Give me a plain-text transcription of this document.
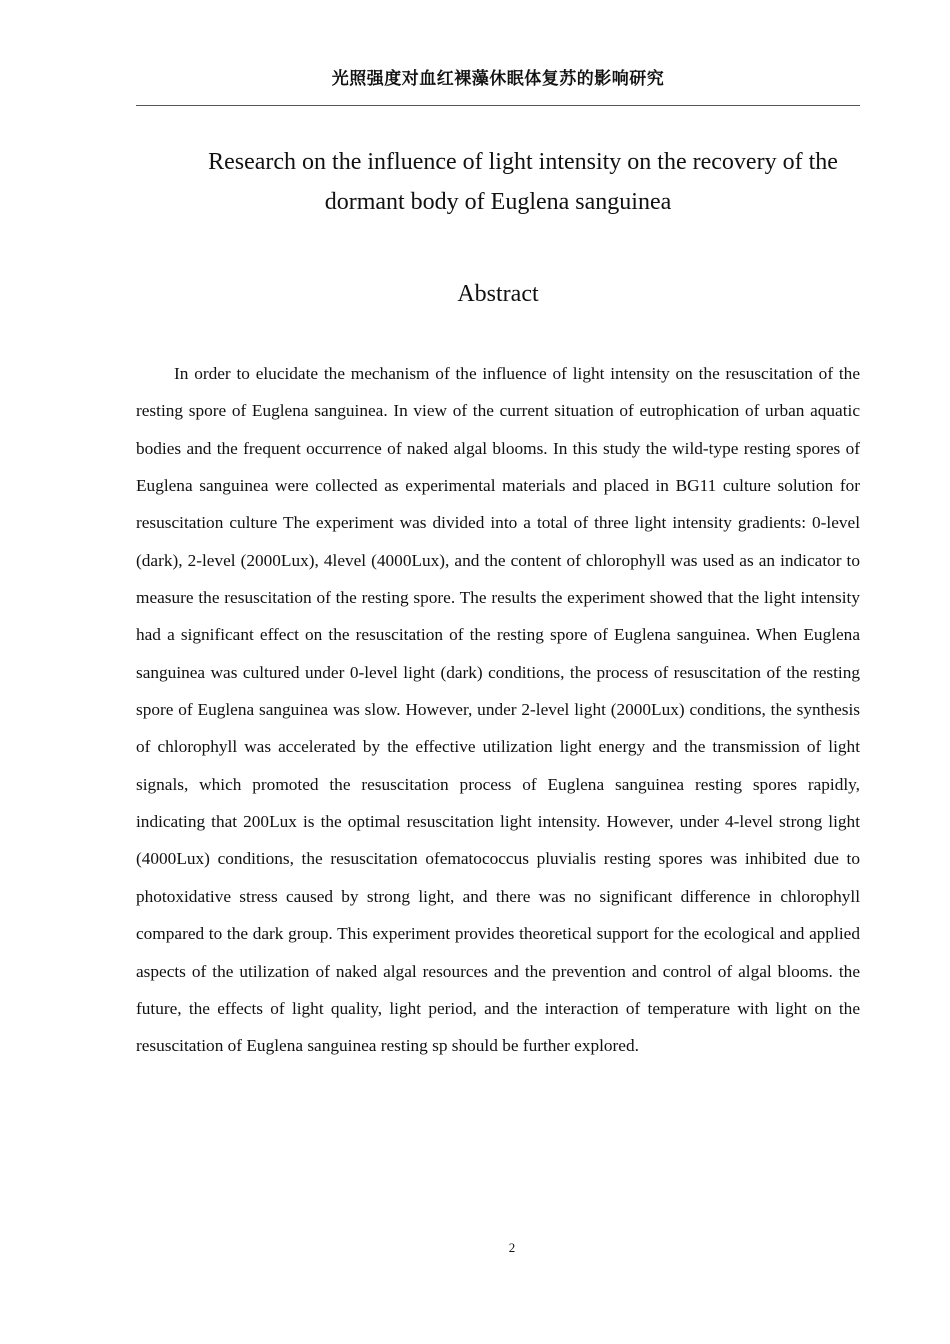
光照强度对血红裸藻休眠体复苏的影响研究
Research on the influence of light intensity on the recovery of the
dormant body of Euglena sanguinea
Abstract

In order to elucidate the mechanism of the influence of light intensity on the resuscitation of the resting spore of Euglena sanguinea. In view of the current situation of eutrophication of urban aquatic bodies and the frequent occurrence of naked algal blooms. In this study the wild-type resting spores of Euglena sanguinea were collected as experimental materials and placed in BG11 culture solution for resuscitation culture The experiment was divided into a total of three light intensity gradients: 0-level (dark), 2-level (2000Lux), 4level (4000Lux), and the content of chlorophyll was used as an indicator to measure the resuscitation of the resting spore. The results the experiment showed that the light intensity had a significant effect on the resuscitation of the resting spore of Euglena sanguinea. When Euglena sanguinea was cultured under 0-level light (dark) conditions, the process of resuscitation of the resting spore of Euglena sanguinea was slow. However, under 2-level light (2000Lux) conditions, the synthesis of chlorophyll was accelerated by the effective utilization light energy and the transmission of light signals, which promoted the resuscitation process of Euglena sanguinea resting spores rapidly, indicating that 200Lux is the optimal resuscitation light intensity. However, under 4-level strong light (4000Lux) conditions, the resuscitation ofematococcus pluvialis resting spores was inhibited due to photoxidative stress caused by strong light, and there was no significant difference in chlorophyll compared to the dark group. This experiment provides theoretical support for the ecological and applied aspects of the utilization of naked algal resources and the prevention and control of algal blooms. the future, the effects of light quality, light period, and the interaction of temperature with light on the resuscitation of Euglena sanguinea resting sp should be further explored.

2
